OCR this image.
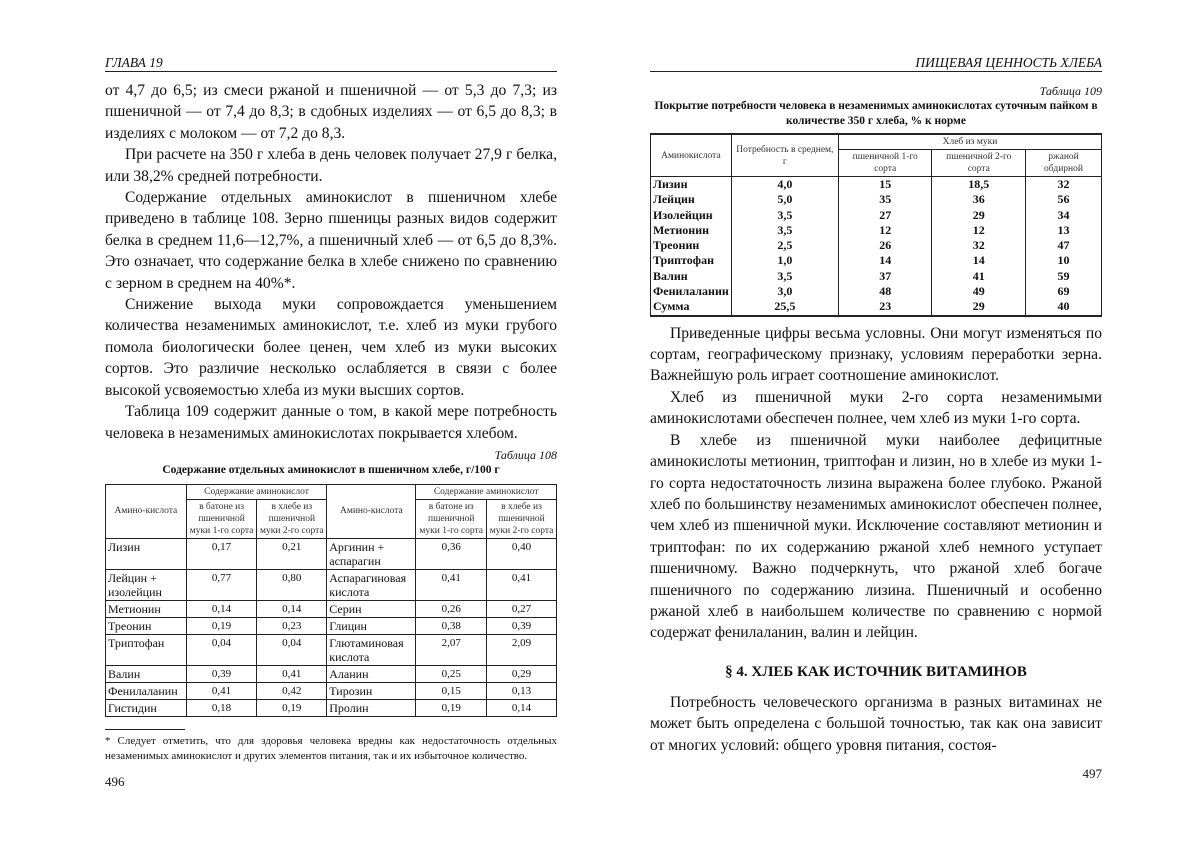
ГЛАВА 19

от 4,7 до 6,5; из смеси ржаной и пшеничной — от 5,3 до 7,3; из пшеничной — от 7,4 до 8,3; в сдобных изделиях — от 6,5 до 8,3; в изделиях с молоком — от 7,2 до 8,3.

При расчете на 350 г хлеба в день человек получает 27,9 г белка, или 38,2% средней потребности.

Содержание отдельных аминокислот в пшеничном хлебе приведено в таблице 108. Зерно пшеницы разных видов содержит белка в среднем 11,6—12,7%, а пшеничный хлеб — от 6,5 до 8,3%. Это означает, что содержание белка в хлебе снижено по сравнению с зерном в среднем на 40%*.

Снижение выхода муки сопровождается уменьшением количества незаменимых аминокислот, т.е. хлеб из муки грубого помола биологически более ценен, чем хлеб из муки высоких сортов. Это различие несколько ослабляется в связи с более высокой усвояемостью хлеба из муки высших сортов.

Таблица 109 содержит данные о том, в какой мере потребность человека в незаменимых аминокислотах покрывается хлебом.

Таблица 108
Содержание отдельных аминокислот в пшеничном хлебе, г/100 г
Амино-кислота	Содержание аминокислот	Амино-кислота	Содержание аминокислот
в батоне из пшеничной муки 1-го сорта	в хлебе из пшеничной муки 2-го сорта	в батоне из пшеничной муки 1-го сорта	в хлебе из пшеничной муки 2-го сорта
Лизин	0,17	0,21	Аргинин + аспарагин	0,36	0,40
Лейцин + изолейцин	0,77	0,80	Аспарагиновая кислота	0,41	0,41
Метионин	0,14	0,14	Серин	0,26	0,27
Треонин	0,19	0,23	Глицин	0,38	0,39
Триптофан	0,04	0,04	Глютаминовая кислота	2,07	2,09
Валин	0,39	0,41	Аланин	0,25	0,29
Фенилаланин	0,41	0,42	Тирозин	0,15	0,13
Гистидин	0,18	0,19	Пролин	0,19	0,14
* Следует отметить, что для здоровья человека вредны как недостаточность отдельных незаменимых аминокислот и других элементов питания, так и их избыточное количество.
496
ПИЩЕВАЯ ЦЕННОСТЬ ХЛЕБА
Таблица 109
Покрытие потребности человека в незаменимых аминокислотах суточным пайком в количестве 350 г хлеба, % к норме
Аминокислота	Потребность в среднем, г	Хлеб из муки
пшеничной 1-го сорта	пшеничной 2-го сорта	ржаной обдирной
Лизин	4,0	15	18,5	32
Лейцин	5,0	35	36	56
Изолейцин	3,5	27	29	34
Метионин	3,5	12	12	13
Треонин	2,5	26	32	47
Триптофан	1,0	14	14	10
Валин	3,5	37	41	59
Фенилаланин	3,0	48	49	69
Сумма	25,5	23	29	40

Приведенные цифры весьма условны. Они могут изменяться по сортам, географическому признаку, условиям переработки зерна. Важнейшую роль играет соотношение аминокислот.

Хлеб из пшеничной муки 2-го сорта незаменимыми аминокислотами обеспечен полнее, чем хлеб из муки 1-го сорта.

В хлебе из пшеничной муки наиболее дефицитные аминокислоты метионин, триптофан и лизин, но в хлебе из муки 1-го сорта недостаточность лизина выражена более глубоко. Ржаной хлеб по большинству незаменимых аминокислот обеспечен полнее, чем хлеб из пшеничной муки. Исключение составляют метионин и триптофан: по их содержанию ржаной хлеб немного уступает пшеничному. Важно подчеркнуть, что ржаной хлеб богаче пшеничного по содержанию лизина. Пшеничный и особенно ржаной хлеб в наибольшем количестве по сравнению с нормой содержат фенилаланин, валин и лейцин.

§ 4. ХЛЕБ КАК ИСТОЧНИК ВИТАМИНОВ

Потребность человеческого организма в разных витаминах не может быть определена с большой точностью, так как она зависит от многих условий: общего уровня питания, состоя-

497
